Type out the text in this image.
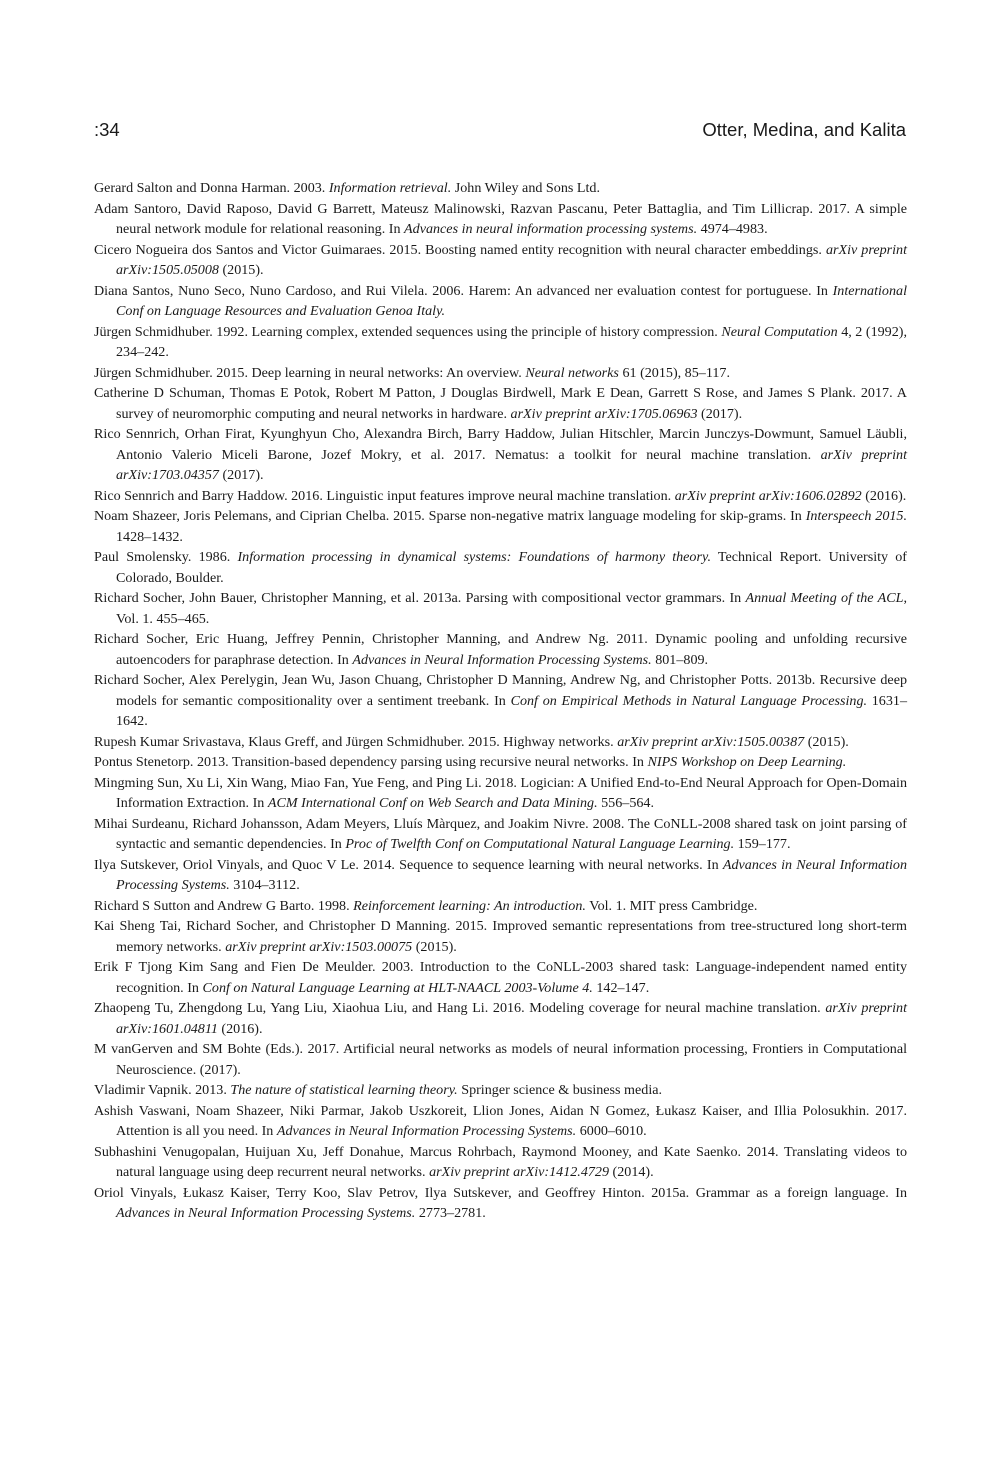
:34	Otter, Medina, and Kalita
Gerard Salton and Donna Harman. 2003. Information retrieval. John Wiley and Sons Ltd.
Adam Santoro, David Raposo, David G Barrett, Mateusz Malinowski, Razvan Pascanu, Peter Battaglia, and Tim Lillicrap. 2017. A simple neural network module for relational reasoning. In Advances in neural information processing systems. 4974–4983.
Cicero Nogueira dos Santos and Victor Guimaraes. 2015. Boosting named entity recognition with neural character embeddings. arXiv preprint arXiv:1505.05008 (2015).
Diana Santos, Nuno Seco, Nuno Cardoso, and Rui Vilela. 2006. Harem: An advanced ner evaluation contest for portuguese. In International Conf on Language Resources and Evaluation Genoa Italy.
Jürgen Schmidhuber. 1992. Learning complex, extended sequences using the principle of history compression. Neural Computation 4, 2 (1992), 234–242.
Jürgen Schmidhuber. 2015. Deep learning in neural networks: An overview. Neural networks 61 (2015), 85–117.
Catherine D Schuman, Thomas E Potok, Robert M Patton, J Douglas Birdwell, Mark E Dean, Garrett S Rose, and James S Plank. 2017. A survey of neuromorphic computing and neural networks in hardware. arXiv preprint arXiv:1705.06963 (2017).
Rico Sennrich, Orhan Firat, Kyunghyun Cho, Alexandra Birch, Barry Haddow, Julian Hitschler, Marcin Junczys-Dowmunt, Samuel Läubli, Antonio Valerio Miceli Barone, Jozef Mokry, et al. 2017. Nematus: a toolkit for neural machine translation. arXiv preprint arXiv:1703.04357 (2017).
Rico Sennrich and Barry Haddow. 2016. Linguistic input features improve neural machine translation. arXiv preprint arXiv:1606.02892 (2016).
Noam Shazeer, Joris Pelemans, and Ciprian Chelba. 2015. Sparse non-negative matrix language modeling for skip-grams. In Interspeech 2015. 1428–1432.
Paul Smolensky. 1986. Information processing in dynamical systems: Foundations of harmony theory. Technical Report. University of Colorado, Boulder.
Richard Socher, John Bauer, Christopher Manning, et al. 2013a. Parsing with compositional vector grammars. In Annual Meeting of the ACL, Vol. 1. 455–465.
Richard Socher, Eric Huang, Jeffrey Pennin, Christopher Manning, and Andrew Ng. 2011. Dynamic pooling and unfolding recursive autoencoders for paraphrase detection. In Advances in Neural Information Processing Systems. 801–809.
Richard Socher, Alex Perelygin, Jean Wu, Jason Chuang, Christopher D Manning, Andrew Ng, and Christopher Potts. 2013b. Recursive deep models for semantic compositionality over a sentiment treebank. In Conf on Empirical Methods in Natural Language Processing. 1631–1642.
Rupesh Kumar Srivastava, Klaus Greff, and Jürgen Schmidhuber. 2015. Highway networks. arXiv preprint arXiv:1505.00387 (2015).
Pontus Stenetorp. 2013. Transition-based dependency parsing using recursive neural networks. In NIPS Workshop on Deep Learning.
Mingming Sun, Xu Li, Xin Wang, Miao Fan, Yue Feng, and Ping Li. 2018. Logician: A Unified End-to-End Neural Approach for Open-Domain Information Extraction. In ACM International Conf on Web Search and Data Mining. 556–564.
Mihai Surdeanu, Richard Johansson, Adam Meyers, Lluís Màrquez, and Joakim Nivre. 2008. The CoNLL-2008 shared task on joint parsing of syntactic and semantic dependencies. In Proc of Twelfth Conf on Computational Natural Language Learning. 159–177.
Ilya Sutskever, Oriol Vinyals, and Quoc V Le. 2014. Sequence to sequence learning with neural networks. In Advances in Neural Information Processing Systems. 3104–3112.
Richard S Sutton and Andrew G Barto. 1998. Reinforcement learning: An introduction. Vol. 1. MIT press Cambridge.
Kai Sheng Tai, Richard Socher, and Christopher D Manning. 2015. Improved semantic representations from tree-structured long short-term memory networks. arXiv preprint arXiv:1503.00075 (2015).
Erik F Tjong Kim Sang and Fien De Meulder. 2003. Introduction to the CoNLL-2003 shared task: Language-independent named entity recognition. In Conf on Natural Language Learning at HLT-NAACL 2003-Volume 4. 142–147.
Zhaopeng Tu, Zhengdong Lu, Yang Liu, Xiaohua Liu, and Hang Li. 2016. Modeling coverage for neural machine translation. arXiv preprint arXiv:1601.04811 (2016).
M vanGerven and SM Bohte (Eds.). 2017. Artificial neural networks as models of neural information processing, Frontiers in Computational Neuroscience. (2017).
Vladimir Vapnik. 2013. The nature of statistical learning theory. Springer science & business media.
Ashish Vaswani, Noam Shazeer, Niki Parmar, Jakob Uszkoreit, Llion Jones, Aidan N Gomez, Łukasz Kaiser, and Illia Polosukhin. 2017. Attention is all you need. In Advances in Neural Information Processing Systems. 6000–6010.
Subhashini Venugopalan, Huijuan Xu, Jeff Donahue, Marcus Rohrbach, Raymond Mooney, and Kate Saenko. 2014. Translating videos to natural language using deep recurrent neural networks. arXiv preprint arXiv:1412.4729 (2014).
Oriol Vinyals, Łukasz Kaiser, Terry Koo, Slav Petrov, Ilya Sutskever, and Geoffrey Hinton. 2015a. Grammar as a foreign language. In Advances in Neural Information Processing Systems. 2773–2781.
